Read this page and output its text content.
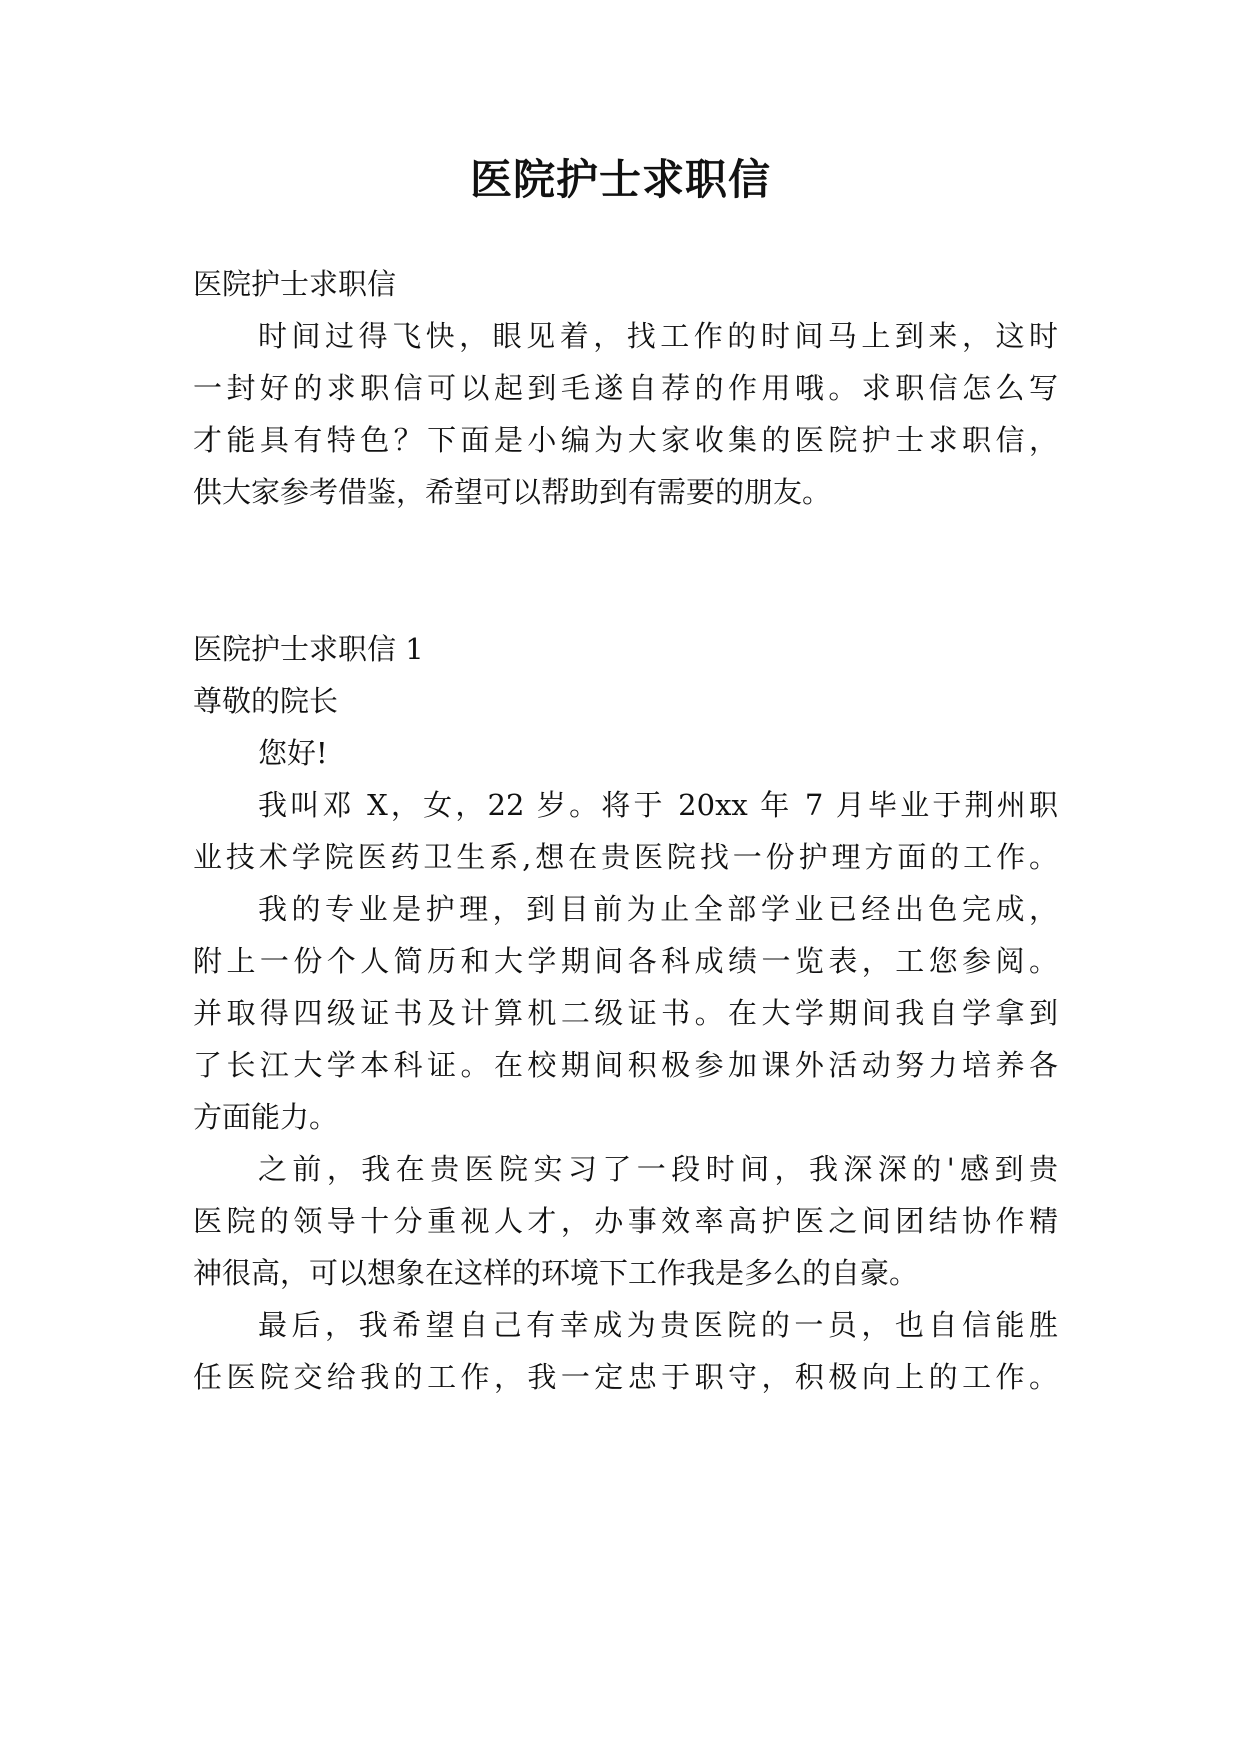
医院护士求职信
医院护士求职信
时间过得飞快，眼见着，找工作的时间马上到来，这时
一封好的求职信可以起到毛遂自荐的作用哦。求职信怎么写
才能具有特色？下面是小编为大家收集的医院护士求职信，
供大家参考借鉴，希望可以帮助到有需要的朋友。
医院护士求职信 1
尊敬的院长
您好!
我叫邓 X，女，22 岁。将于 20xx 年 7 月毕业于荆州职
业技术学院医药卫生系,想在贵医院找一份护理方面的工作。
我的专业是护理，到目前为止全部学业已经出色完成，
附上一份个人简历和大学期间各科成绩一览表，工您参阅。
并取得四级证书及计算机二级证书。在大学期间我自学拿到
了长江大学本科证。在校期间积极参加课外活动努力培养各
方面能力。
之前，我在贵医院实习了一段时间，我深深的'感到贵
医院的领导十分重视人才，办事效率高护医之间团结协作精
神很高，可以想象在这样的环境下工作我是多么的自豪。
最后，我希望自己有幸成为贵医院的一员，也自信能胜
任医院交给我的工作，我一定忠于职守，积极向上的工作。
